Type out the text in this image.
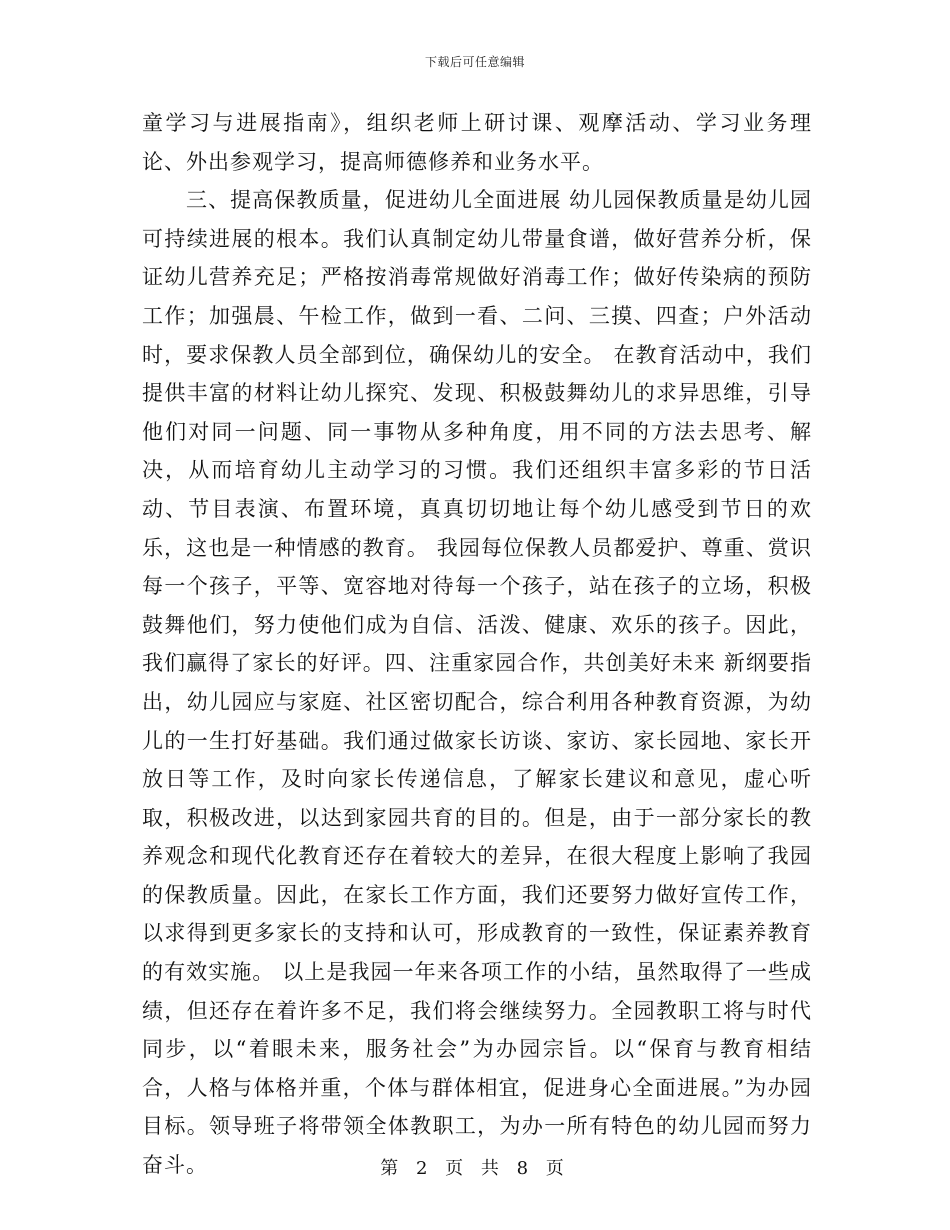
下载后可任意编辑

童学习与进展指南》，组织老师上研讨课、观摩活动、学习业务理论、外出参观学习，提高师德修养和业务水平。

三、提高保教质量，促进幼儿全面进展 幼儿园保教质量是幼儿园可持续进展的根本。我们认真制定幼儿带量食谱，做好营养分析，保证幼儿营养充足；严格按消毒常规做好消毒工作；做好传染病的预防工作；加强晨、午检工作，做到一看、二问、三摸、四查；户外活动时，要求保教人员全部到位，确保幼儿的安全。 在教育活动中，我们提供丰富的材料让幼儿探究、发现、积极鼓舞幼儿的求异思维，引导他们对同一问题、同一事物从多种角度，用不同的方法去思考、解决，从而培育幼儿主动学习的习惯。我们还组织丰富多彩的节日活动、节目表演、布置环境，真真切切地让每个幼儿感受到节日的欢乐，这也是一种情感的教育。 我园每位保教人员都爱护、尊重、赏识每一个孩子，平等、宽容地对待每一个孩子，站在孩子的立场，积极鼓舞他们，努力使他们成为自信、活泼、健康、欢乐的孩子。因此，我们赢得了家长的好评。四、注重家园合作，共创美好未来 新纲要指出，幼儿园应与家庭、社区密切配合，综合利用各种教育资源，为幼儿的一生打好基础。我们通过做家长访谈、家访、家长园地、家长开放日等工作，及时向家长传递信息，了解家长建议和意见，虚心听取，积极改进，以达到家园共育的目的。但是，由于一部分家长的教养观念和现代化教育还存在着较大的差异，在很大程度上影响了我园的保教质量。因此，在家长工作方面，我们还要努力做好宣传工作，以求得到更多家长的支持和认可，形成教育的一致性，保证素养教育的有效实施。 以上是我园一年来各项工作的小结，虽然取得了一些成绩，但还存在着许多不足，我们将会继续努力。全园教职工将与时代同步，以“着眼未来，服务社会”为办园宗旨。以“保育与教育相结合，人格与体格并重，个体与群体相宜，促进身心全面进展。”为办园目标。领导班子将带领全体教职工，为办一所有特色的幼儿园而努力奋斗。	第 2 页 共 8 页
